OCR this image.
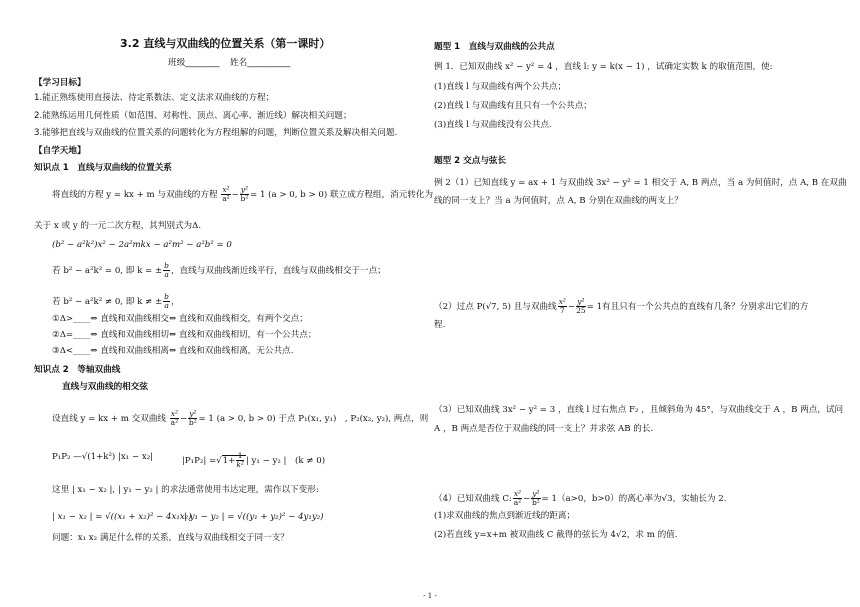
3.2 直线与双曲线的位置关系（第一课时）
班级________ 姓名__________
【学习目标】
1.能正熟练使用直接法、待定系数法、定义法求双曲线的方程；
2.能熟练运用几何性质（如范围、对称性、顶点、离心率、渐近线）解决相关问题；
3.能够把直线与双曲线的位置关系的问题转化为方程组解的问题，判断位置关系及解决相关问题.
【自学天地】
知识点 1　直线与双曲线的位置关系
将直线的方程 y = kx + m 与双曲线的方程 $\frac{\text{x²}}{\text{a²}} - \frac{\text{y²}}{\text{b²}} = 1$ (a > 0, b > 0) 联立成方程组，消元转化为
关于 x 或 y 的一元二次方程，其判别式为Δ.
(b² − a²k²)x² − 2a²mkx − a²m² − a²b² = 0
若 b² − a²k² = 0, 即 k = ± $\frac{b}{a}$ ，直线与双曲线渐近线平行，直线与双曲线相交于一点；
若 b² − a²k² ≠ 0, 即 k ≠ ± $\frac{b}{a}$ ，
①Δ>____⇔ 直线和双曲线相交⇔ 直线和双曲线相交，有两个交点；
②Δ=____⇔ 直线和双曲线相切⇔ 直线和双曲线相切，有一个公共点；
③Δ<____⇔ 直线和双曲线相离⇔ 直线和双曲线相离，无公共点.
知识点 2　等轴双曲线
直线与双曲线的相交弦
设直线 y = kx + m 交双曲线 $\frac{\text{x²}}{\text{a²}} - \frac{\text{y²}}{\text{b²}} = 1$ (a > 0, b > 0) 于点 P₁(x₁, y₁)　, P₂(x₂, y₂), 两点，则
P₁P₂ —√(1+k²) |x₁ − x₂|	$|P_1P_2| =√1+ \frac{1}{\text{k²}}$ | y₁ − y₂ |　(k ≠ 0)
这里 | x₁ − x₂ |, | y₁ − y₂ | 的求法通常使用韦达定理，需作以下变形:
| x₁ − x₂ | = √((x₁ + x₂)² − 4x₁x₂)
| y₁ − y₂ | = √((y₁ + y₂)² − 4y₁y₂)
问题：x₁ x₂ 满足什么样的关系，直线与双曲线相交于同一支？
题型 1　直线与双曲线的公共点
例 1．已知双曲线 x² − y² = 4 ，直线 l: y = k(x − 1) ，试确定实数 k 的取值范围，使:
(1)直线 l 与双曲线有两个公共点；
(2)直线 l 与双曲线有且只有一个公共点；
(3)直线 l 与双曲线没有公共点.
题型 2 交点与弦长
例 2（1）已知直线 y = ax + 1 与双曲线 3x² − y² = 1 相交于 A, B 两点，当 a 为何值时，点 A, B 在双曲
线的同一支上？当 a 为何值时，点 A, B 分别在双曲线的两支上？
（2）过点 P(√7, 5) 且与双曲线 $\frac{\text{x²}}{7} - \frac{\text{y²}}{25} = 1$有且只有一个公共点的直线有几条？分别求出它们的方
程.
（3）已知双曲线 3x² − y² = 3 ，直线 l 过右焦点 F₂ ，且倾斜角为 45°，与双曲线交于 A ，B 两点，试问
A ，B 两点是否位于双曲线的同一支上？并求弦 AB 的长.
（4）已知双曲线 C: $\frac{\text{x²}}{\text{a²}} - \frac{\text{y²}}{\text{b²}} = 1(a>0$，b>0）的离心率为√3，实轴长为 2.
(1)求双曲线的焦点到渐近线的距离；
(2)若直线 y=x+m 被双曲线 C 截得的弦长为 4√2，求 m 的值.
- 1 -
